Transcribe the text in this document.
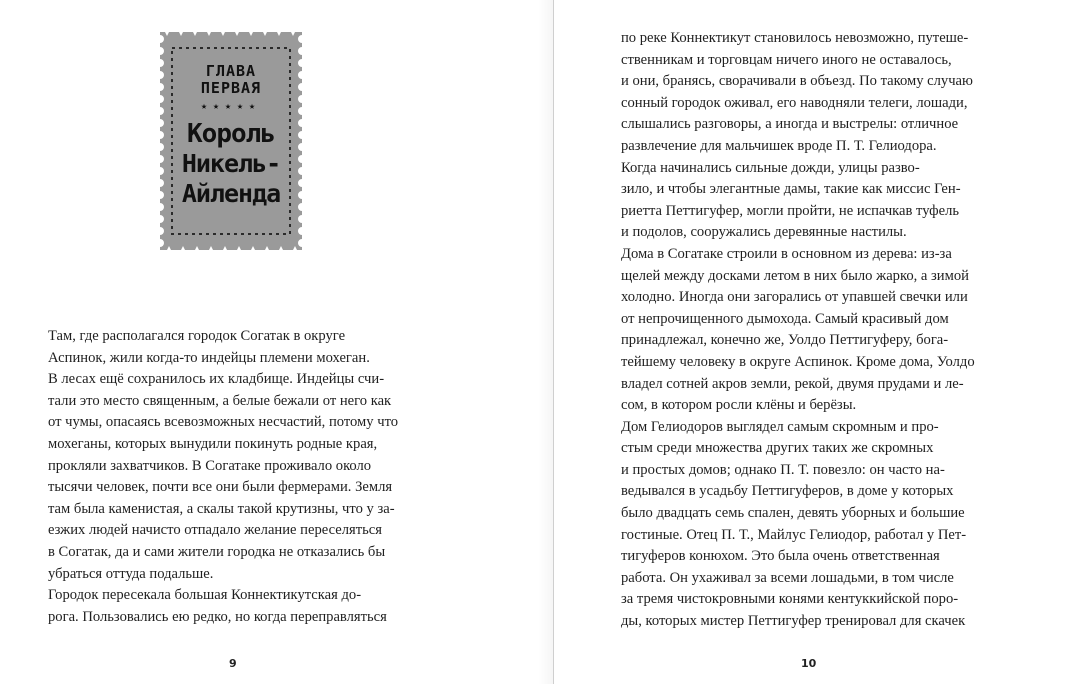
ГЛАВА
ПЕРВАЯ
★★★★★
Король
Никель-
Айленда
Там, где располагался городок Согатак в округе
Аспинок, жили когда-то индейцы племени мохеган.
В лесах ещё сохранилось их кладбище. Индейцы счи-
тали это место священным, а белые бежали от него как
от чумы, опасаясь всевозможных несчастий, потому что
мохеганы, которых вынудили покинуть родные края,
прокляли захватчиков. В Согатаке проживало около
тысячи человек, почти все они были фермерами. Земля
там была каменистая, а скалы такой крутизны, что у за-
езжих людей начисто отпадало желание переселяться
в Согатак, да и сами жители городка не отказались бы
убраться оттуда подальше.
Городок пересекала большая Коннектикутская до-
рога. Пользовались ею редко, но когда переправляться
9
по реке Коннектикут становилось невозможно, путеше-
ственникам и торговцам ничего иного не оставалось,
и они, бранясь, сворачивали в объезд. По такому случаю
сонный городок оживал, его наводняли телеги, лошади,
слышались разговоры, а иногда и выстрелы: отличное
развлечение для мальчишек вроде П. Т. Гелиодора.
Когда начинались сильные дожди, улицы разво-
зило, и чтобы элегантные дамы, такие как миссис Ген-
риетта Петтигуфер, могли пройти, не испачкав туфель
и подолов, сооружались деревянные настилы.
Дома в Согатаке строили в основном из дерева: из-за
щелей между досками летом в них было жарко, а зимой
холодно. Иногда они загорались от упавшей свечки или
от непрочищенного дымохода. Самый красивый дом
принадлежал, конечно же, Уолдо Петтигуферу, бога-
тейшему человеку в округе Аспинок. Кроме дома, Уолдо
владел сотней акров земли, рекой, двумя прудами и ле-
сом, в котором росли клёны и берёзы.
Дом Гелиодоров выглядел самым скромным и про-
стым среди множества других таких же скромных
и простых домов; однако П. Т. повезло: он часто на-
ведывался в усадьбу Петтигуферов, в доме у которых
было двадцать семь спален, девять уборных и большие
гостиные. Отец П. Т., Майлус Гелиодор, работал у Пет-
тигуферов конюхом. Это была очень ответственная
работа. Он ухаживал за всеми лошадьми, в том числе
за тремя чистокровными конями кентуккийской поро-
ды, которых мистер Петтигуфер тренировал для скачек
10
